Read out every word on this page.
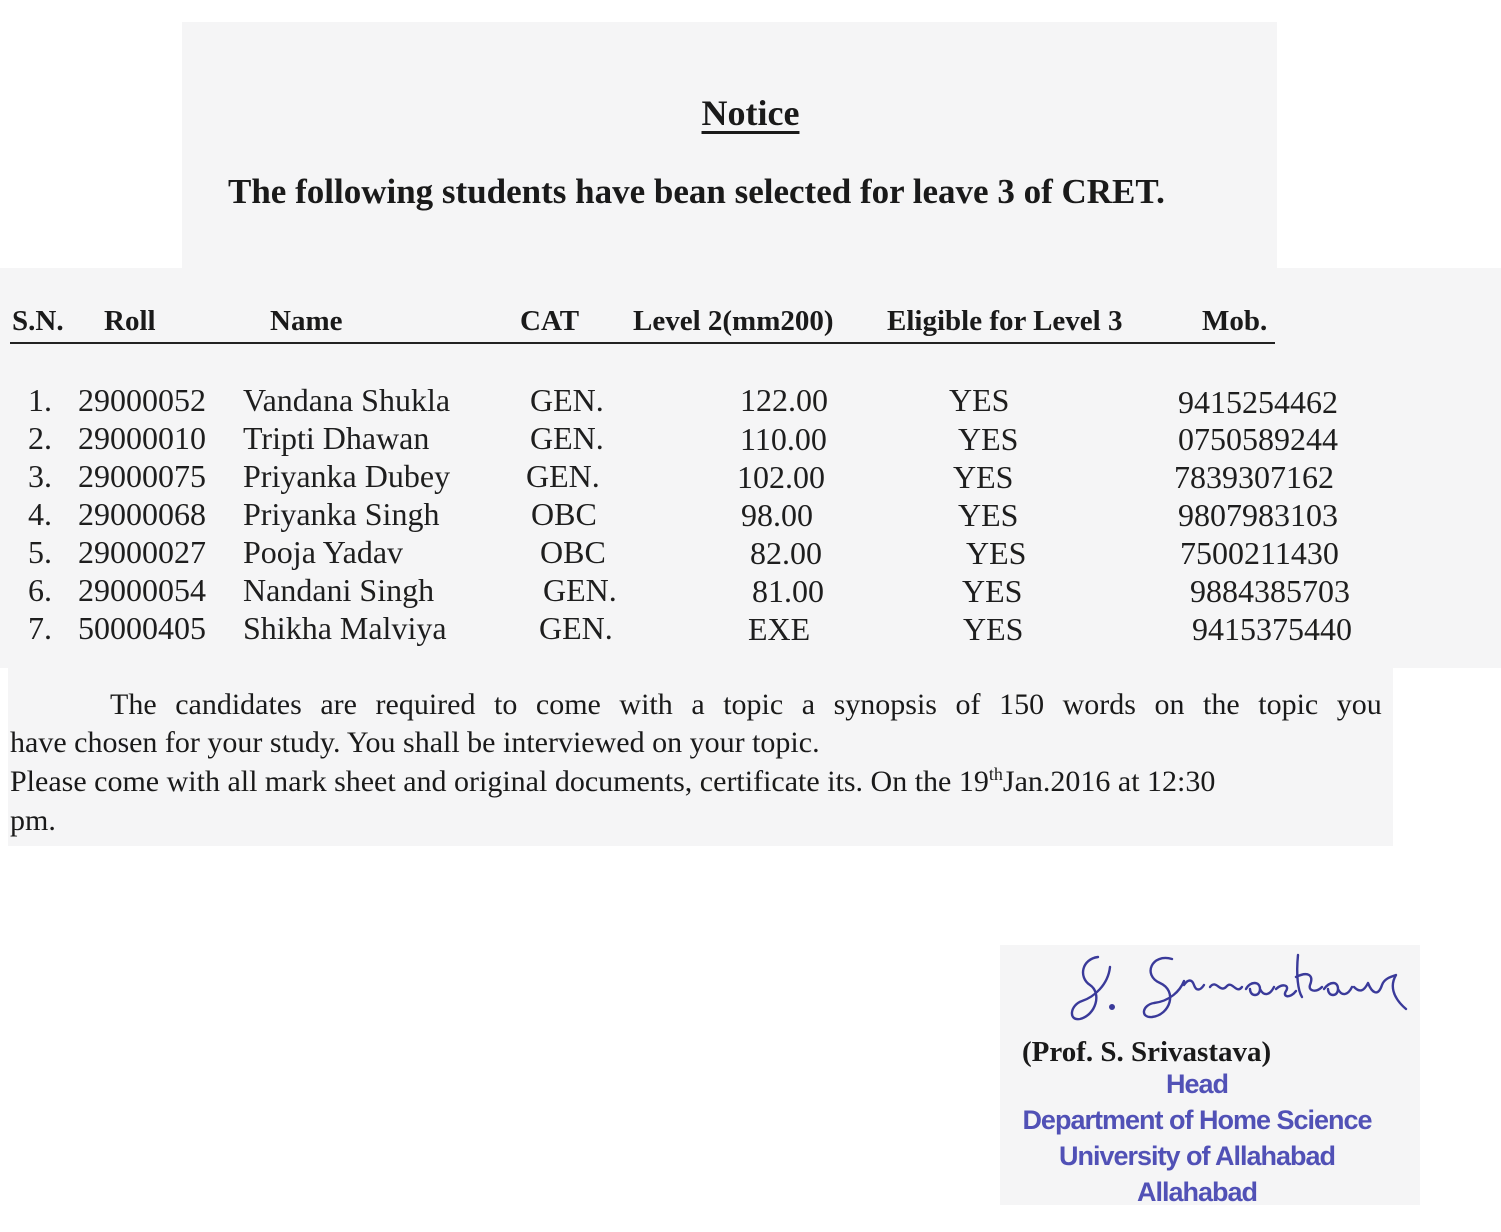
Notice
The following students have bean selected for leave 3 of CRET.
S.N. Roll	Name	CAT Level 2(mm200) Eligible for Level 3	Mob.
1. 29000052 Vandana Shukla GEN.	122.00	YES	9415254462
2. 29000010 Tripti Dhawan	GEN.	110.00	YES	0750589244
3. 29000075 Priyanka Dubey GEN.	102.00	YES	7839307162
4. 29000068 Priyanka Singh	OBC	98.00	YES	9807983103
5. 29000027 Pooja Yadav	OBC	82.00	YES	7500211430
6. 29000054 Nandani Singh	GEN.	81.00	YES	9884385703
7. 50000405 Shikha Malviya	GEN.	EXE	YES	9415375440
The candidates are required to come with a topic a synopsis of 150 words on the topic you
have chosen for your study. You shall be interviewed on your topic.
Please come with all mark sheet and original documents, certificate its. On the 19thJan.2016 at 12:30
pm.
(Prof. S. Srivastava)
Head
Department of Home Science
University of Allahabad
Allahabad
